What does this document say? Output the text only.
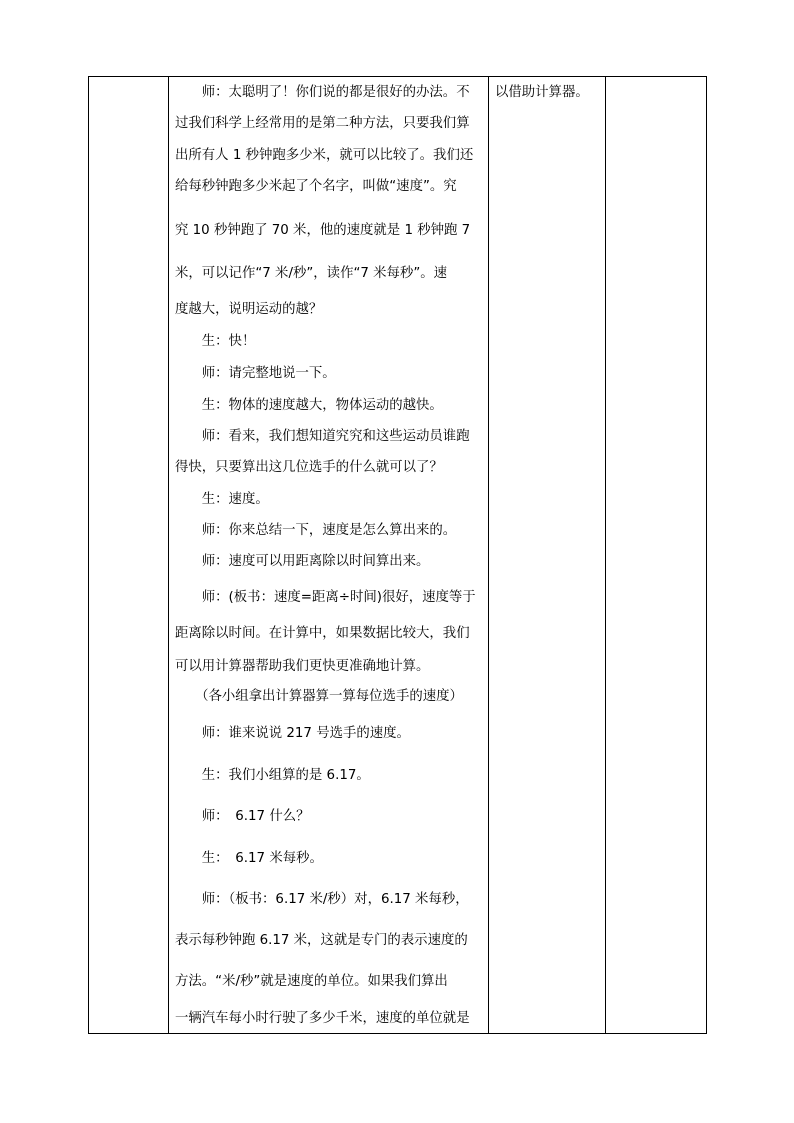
　　师：太聪明了！你们说的都是很好的办法。不

过我们科学上经常用的是第二种方法，只要我们算

出所有人 1 秒钟跑多少米，就可以比较了。我们还

给每秒钟跑多少米起了个名字，叫做“速度”。究

究 10 秒钟跑了 70 米，他的速度就是 1 秒钟跑 7

米，可以记作“7 米/秒”，读作“7 米每秒”。速

度越大，说明运动的越？

　　生：快！

　　师：请完整地说一下。

　　生：物体的速度越大，物体运动的越快。

　　师：看来，我们想知道究究和这些运动员谁跑

得快，只要算出这几位选手的什么就可以了？

　　生：速度。

　　师：你来总结一下，速度是怎么算出来的。

　　师：速度可以用距离除以时间算出来。

　　师：(板书：速度=距离÷时间)很好，速度等于

距离除以时间。在计算中，如果数据比较大，我们

可以用计算器帮助我们更快更准确地计算。

　　（各小组拿出计算器算一算每位选手的速度）

　　师：谁来说说 217 号选手的速度。

　　生：我们小组算的是 6.17。

　　师：　6.17 什么？

　　生：　6.17 米每秒。

　　师：（板书：6.17 米/秒）对，6.17 米每秒，

表示每秒钟跑 6.17 米，这就是专门的表示速度的

方法。“米/秒”就是速度的单位。如果我们算出

一辆汽车每小时行驶了多少千米，速度的单位就是

以借助计算器。
